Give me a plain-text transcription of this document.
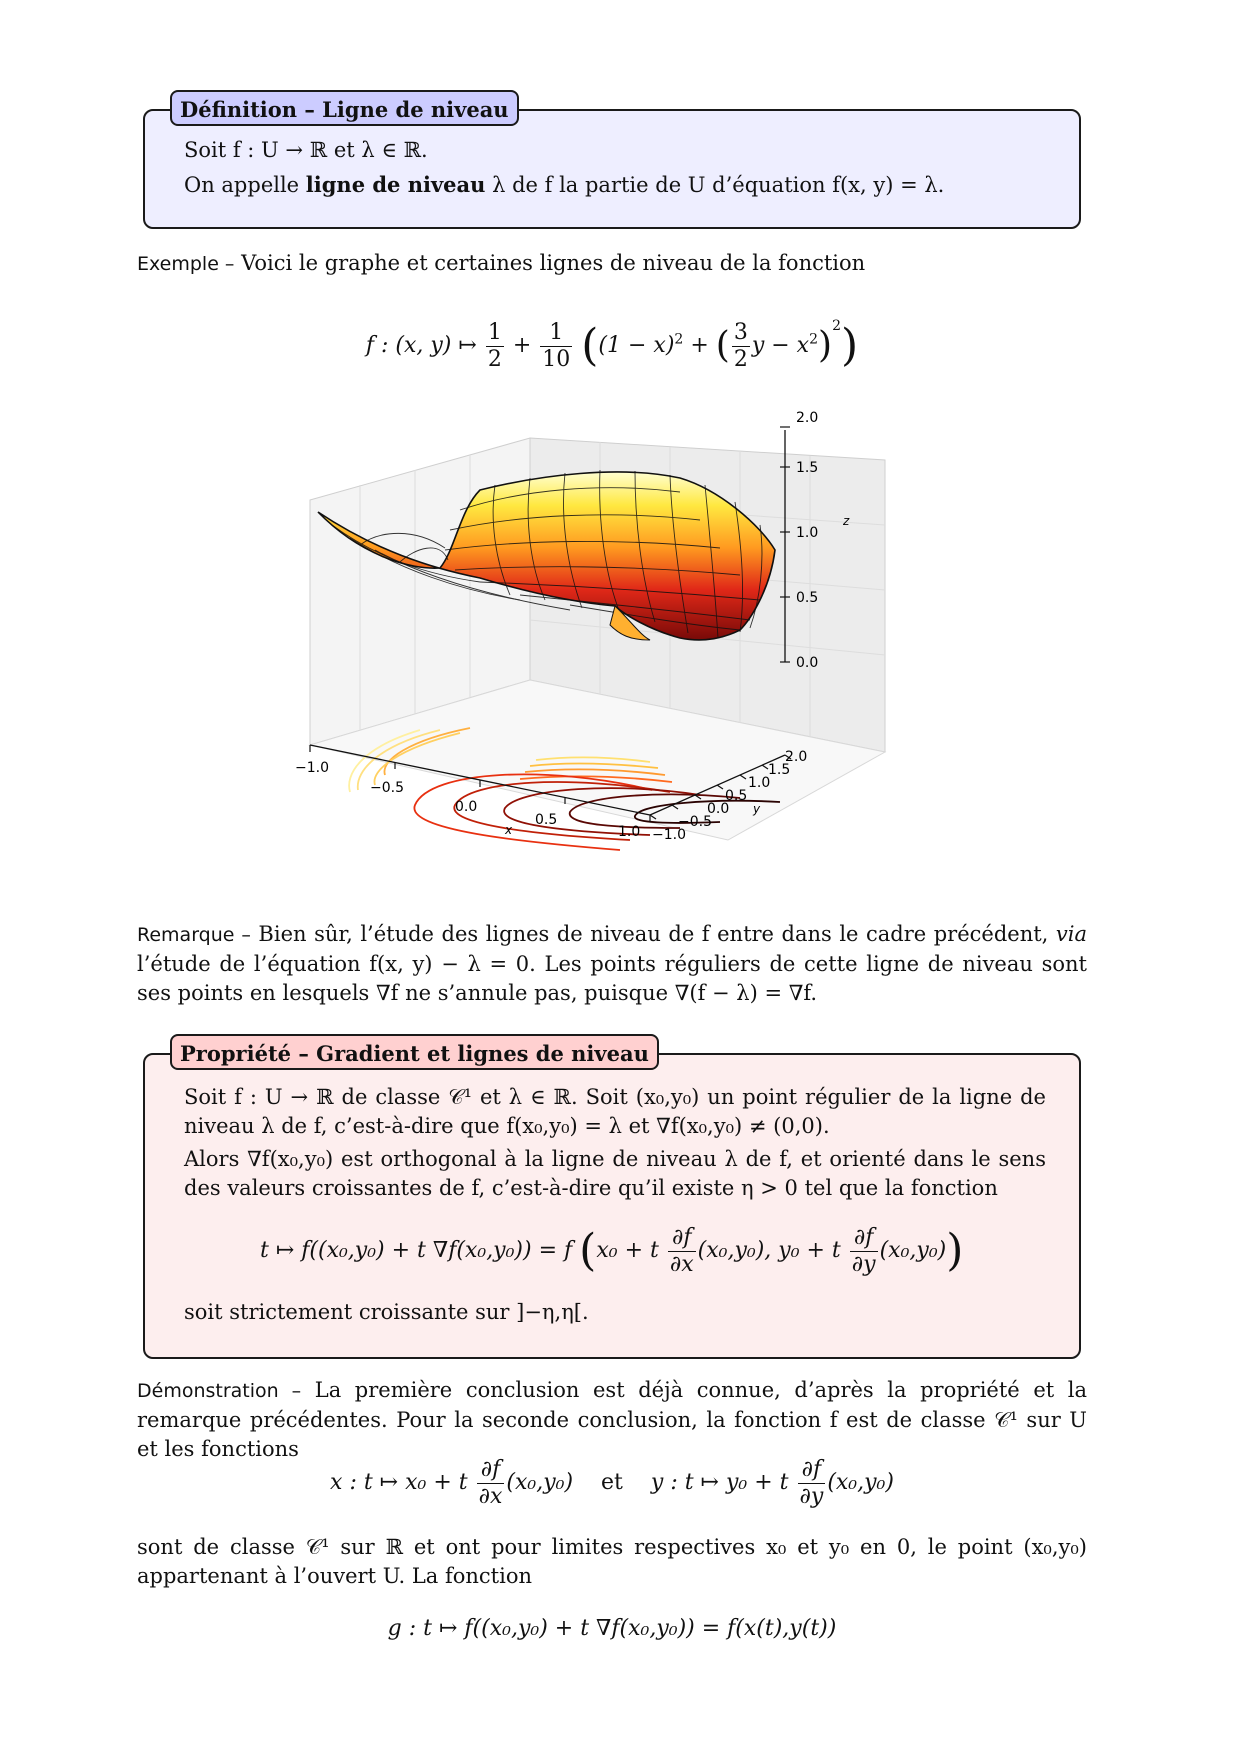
Définition – Ligne de niveau
Soit f : U → ℝ et λ ∈ ℝ.
On appelle ligne de niveau λ de f la partie de U d’équation f(x, y) = λ.
Exemple – Voici le graphe et certaines lignes de niveau de la fonction
f : (x, y) ↦ $\frac{1}{2} + \frac{1}{10} ((1 - x)^2$ + ( $\frac{3}{2}$ $y - x^2)^2$)
−1.0
−0.5
0.0
0.5
1.0
x	−1.0
−0.5
0.0
0.5
1.0
1.5
2.0
y
0.0
0.5
1.0
1.5
2.0
z
Remarque – Bien sûr, l’étude des lignes de niveau de f entre dans le cadre précédent, via l’étude de l’équation f(x, y) − λ = 0. Les points réguliers de cette ligne de niveau sont ses points en lesquels ∇f ne s’annule pas, puisque ∇(f − λ) = ∇f.
Propriété – Gradient et lignes de niveau
Soit f : U → ℝ de classe 𝒞¹ et λ ∈ ℝ. Soit (x₀,y₀) un point régulier de la ligne de niveau λ de f, c’est-à-dire que f(x₀,y₀) = λ et ∇f(x₀,y₀) ≠ (0,0).
Alors ∇f(x₀,y₀) est orthogonal à la ligne de niveau λ de f, et orienté dans le sens des valeurs croissantes de f, c’est-à-dire qu’il existe η > 0 tel que la fonction
t ↦ f((x₀,y₀) + t ∇f(x₀,y₀)) = f (x₀ + t $\frac{\partial f}{\partial x} (x_0,y_0)$, y₀ + t $\frac{\partial f}{\partial y} (x_0,y_0)$)
soit strictement croissante sur ]−η,η[.
Démonstration – La première conclusion est déjà connue, d’après la propriété et la remarque précédentes. Pour la seconde conclusion, la fonction f est de classe 𝒞¹ sur U et les fonctions
x : t ↦ x₀ + t $\frac{\partial f}{\partial x} (x_0,y_0)$ et y : t ↦ y₀ + t $\frac{\partial f}{\partial y} (x_0,y_0)$
sont de classe 𝒞¹ sur ℝ et ont pour limites respectives x₀ et y₀ en 0, le point (x₀,y₀) appartenant à l’ouvert U. La fonction
g : t ↦ f((x₀,y₀) + t ∇f(x₀,y₀)) = f(x(t),y(t))
